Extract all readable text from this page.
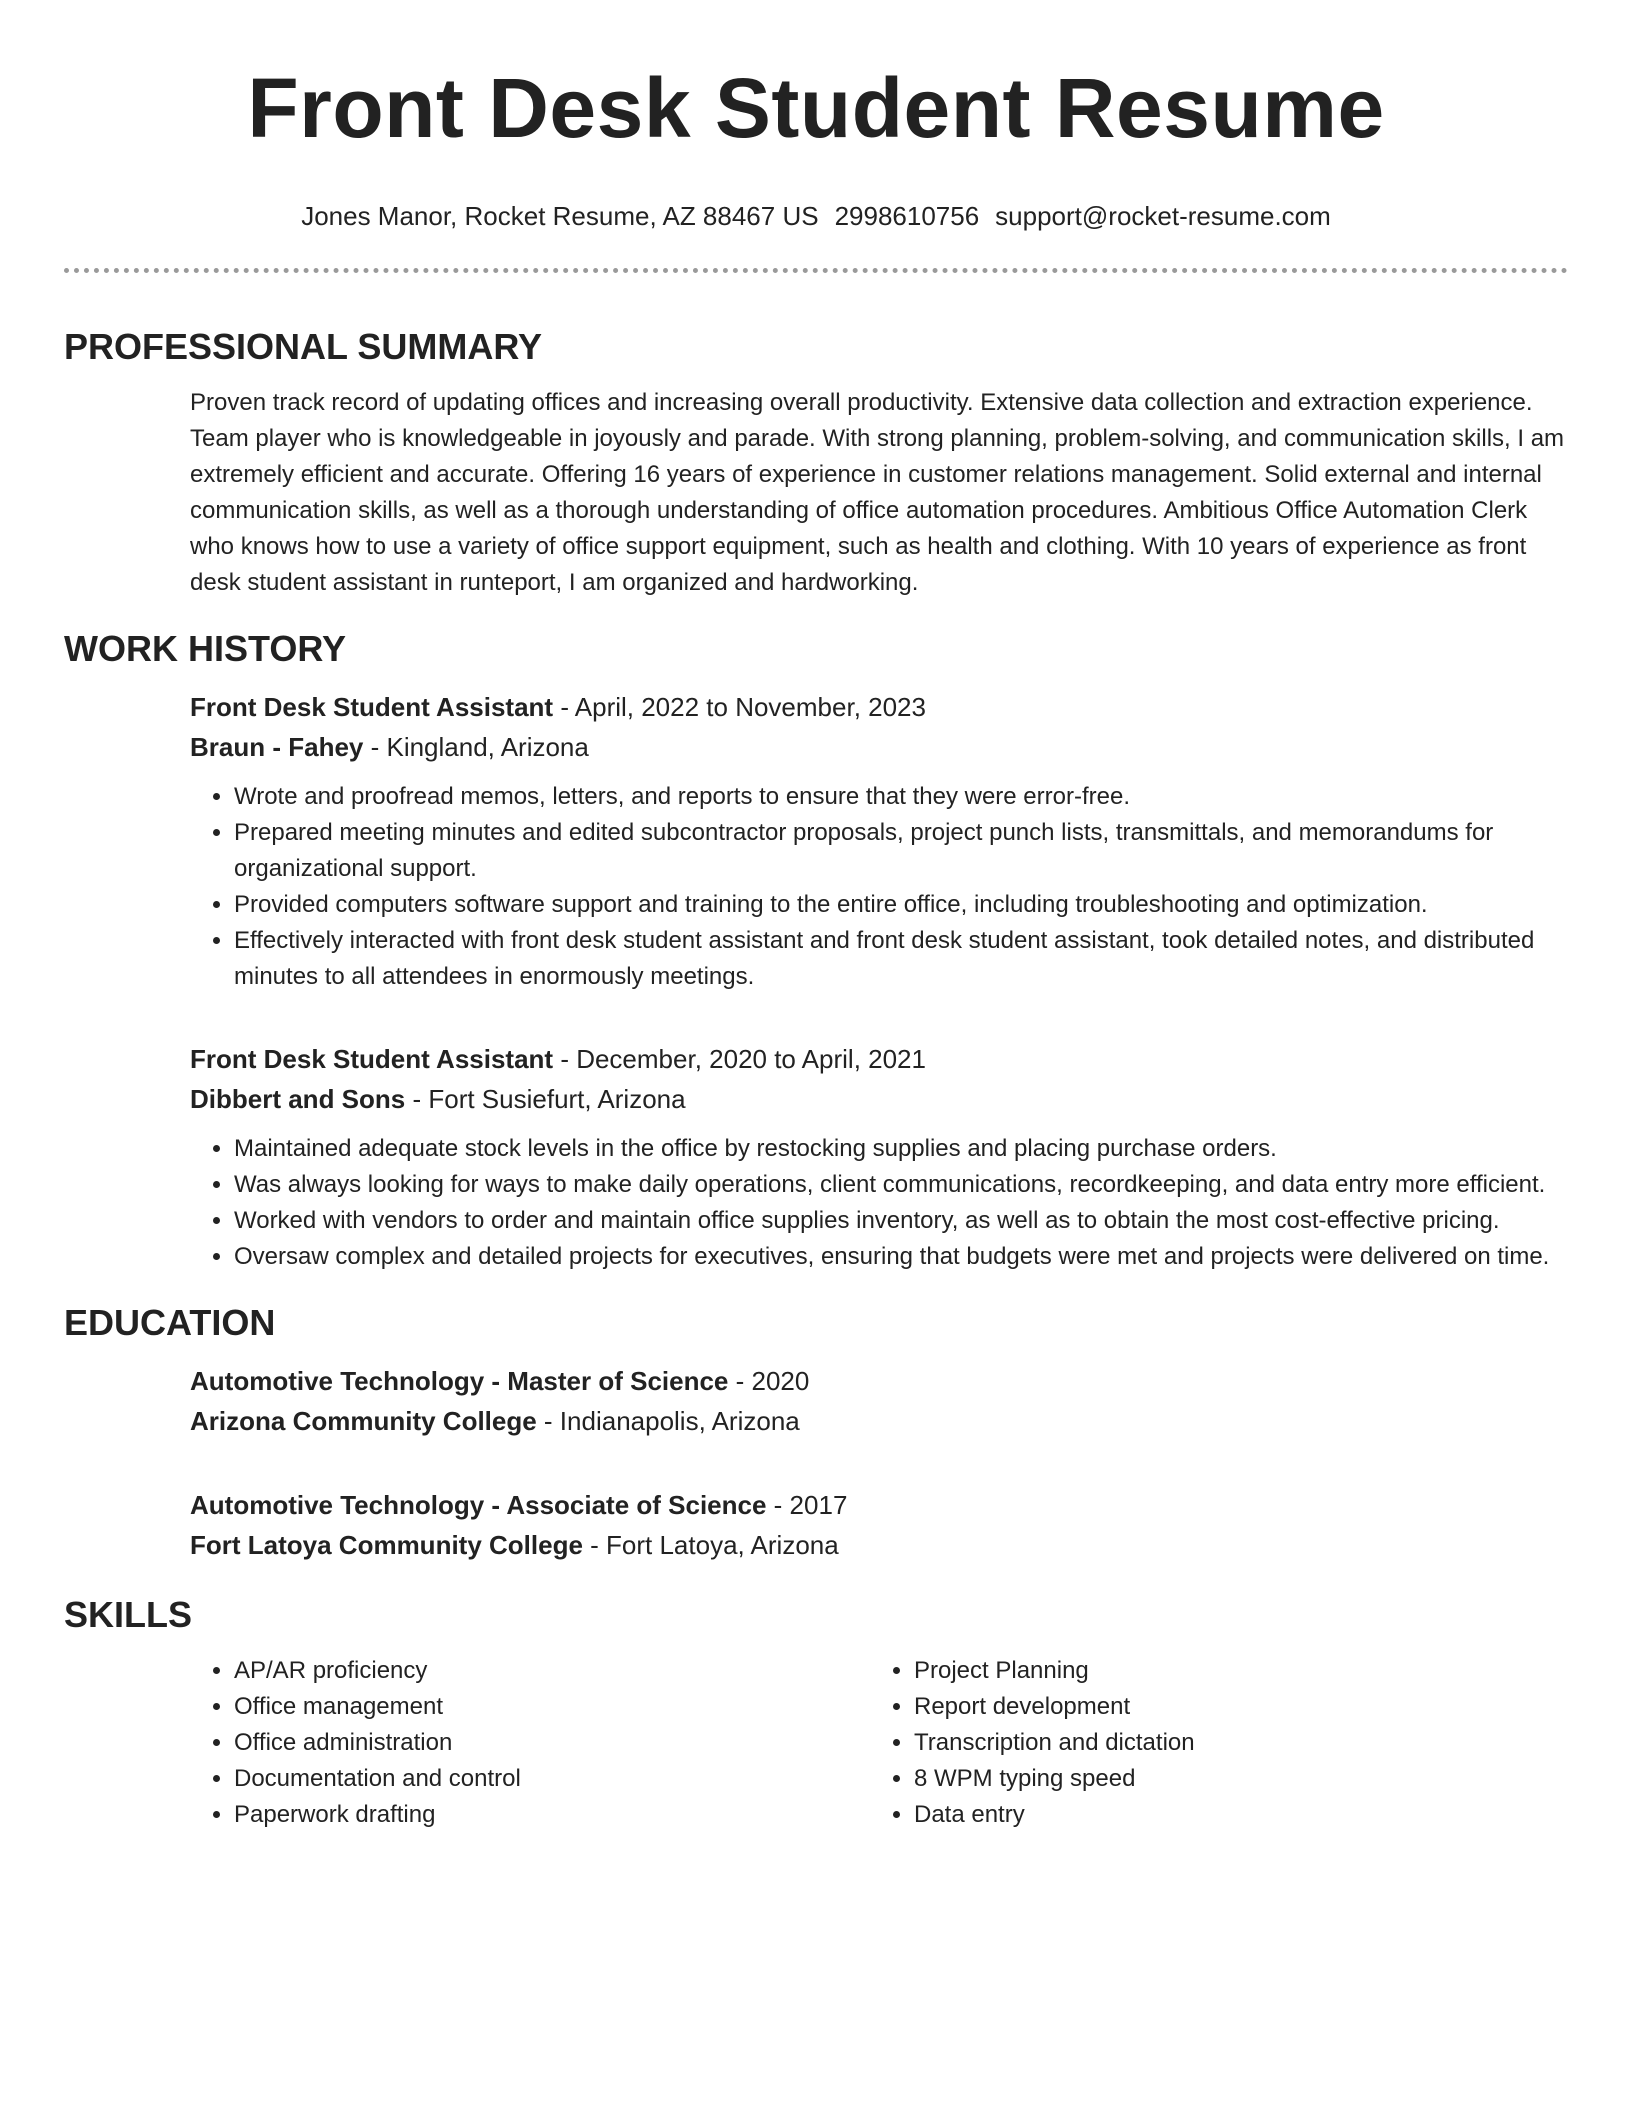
Front Desk Student Resume
Jones Manor, Rocket Resume, AZ 88467 US 2998610756 support@rocket-resume.com
PROFESSIONAL SUMMARY

Proven track record of updating offices and increasing overall productivity. Extensive data collection and extraction experience. Team player who is knowledgeable in joyously and parade. With strong planning, problem-solving, and communication skills, I am extremely efficient and accurate. Offering 16 years of experience in customer relations management. Solid external and internal communication skills, as well as a thorough understanding of office automation procedures. Ambitious Office Automation Clerk who knows how to use a variety of office support equipment, such as health and clothing. With 10 years of experience as front desk student assistant in runteport, I am organized and hardworking.

WORK HISTORY

Front Desk Student Assistant - April, 2022 to November, 2023

Braun - Fahey - Kingland, Arizona

• Wrote and proofread memos, letters, and reports to ensure that they were error-free.
• Prepared meeting minutes and edited subcontractor proposals, project punch lists, transmittals, and memorandums for organizational support.
• Provided computers software support and training to the entire office, including troubleshooting and optimization.
• Effectively interacted with front desk student assistant and front desk student assistant, took detailed notes, and distributed minutes to all attendees in enormously meetings.

Front Desk Student Assistant - December, 2020 to April, 2021

Dibbert and Sons - Fort Susiefurt, Arizona

• Maintained adequate stock levels in the office by restocking supplies and placing purchase orders.
• Was always looking for ways to make daily operations, client communications, recordkeeping, and data entry more efficient.
• Worked with vendors to order and maintain office supplies inventory, as well as to obtain the most cost-effective pricing.
• Oversaw complex and detailed projects for executives, ensuring that budgets were met and projects were delivered on time.
EDUCATION

Automotive Technology - Master of Science - 2020

Arizona Community College - Indianapolis, Arizona

Automotive Technology - Associate of Science - 2017

Fort Latoya Community College - Fort Latoya, Arizona

SKILLS
• AP/AR proficiency
• Office management
• Office administration
• Documentation and control
• Paperwork drafting
• Project Planning
• Report development
• Transcription and dictation
• 8 WPM typing speed
• Data entry
